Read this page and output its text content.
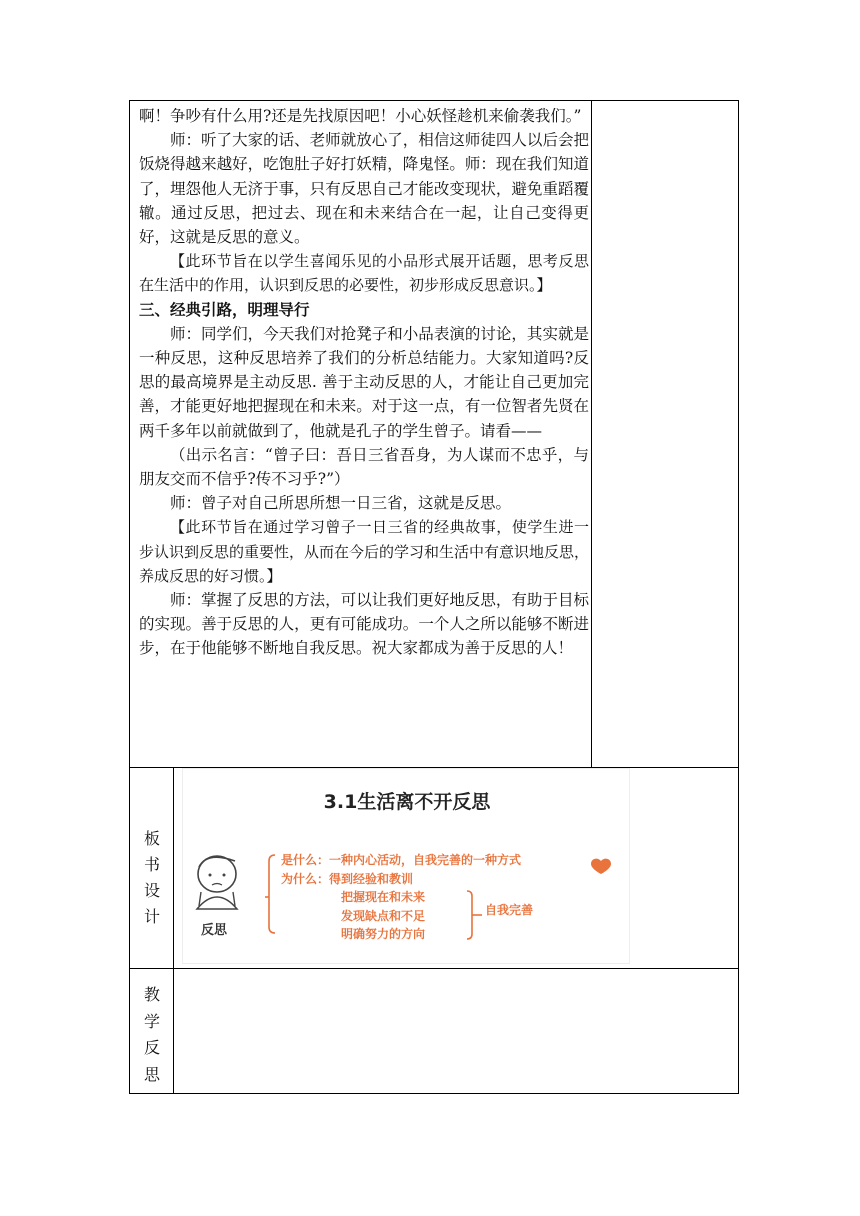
啊！争吵有什么用?还是先找原因吧！小心妖怪趁机来偷袭我们。”

师：听了大家的话、老师就放心了，相信这师徒四人以后会把饭烧得越来越好，吃饱肚子好打妖精，降鬼怪。师：现在我们知道了，埋怨他人无济于事，只有反思自己才能改变现状，避免重蹈覆辙。通过反思，把过去、现在和未来结合在一起，让自己变得更好，这就是反思的意义。

【此环节旨在以学生喜闻乐见的小品形式展开话题，思考反思在生活中的作用，认识到反思的必要性，初步形成反思意识。】

三、经典引路，明理导行

师：同学们，今天我们对抢凳子和小品表演的讨论，其实就是一种反思，这种反思培养了我们的分析总结能力。大家知道吗?反思的最高境界是主动反思. 善于主动反思的人，才能让自己更加完善，才能更好地把握现在和未来。对于这一点，有一位智者先贤在两千多年以前就做到了，他就是孔子的学生曾子。请看——

（出示名言：“曾子曰：吾日三省吾身，为人谋而不忠乎，与朋友交而不信乎?传不习乎?”）

师：曾子对自己所思所想一日三省，这就是反思。

【此环节旨在通过学习曾子一日三省的经典故事，使学生进一步认识到反思的重要性，从而在今后的学习和生活中有意识地反思，养成反思的好习惯。】

师：掌握了反思的方法，可以让我们更好地反思，有助于目标的实现。善于反思的人，更有可能成功。一个人之所以能够不断进步，在于他能够不断地自我反思。祝大家都成为善于反思的人！

板
书
设
计
3.1生活离不开反思
是什么：一种内心活动，自我完善的一种方式
为什么：得到经验和教训
把握现在和未来
发现缺点和不足
明确努力的方向
自我完善
反思
教
学
反
思
